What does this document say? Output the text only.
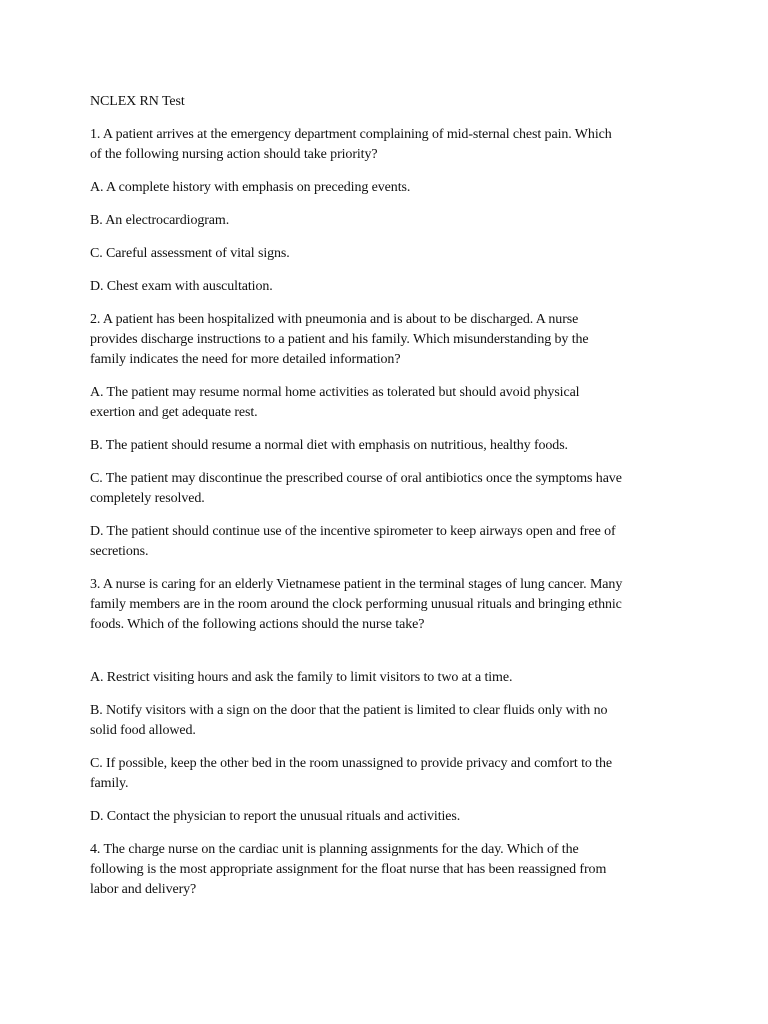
NCLEX RN Test
1. A patient arrives at the emergency department complaining of mid-sternal chest pain. Which
of the following nursing action should take priority?
A. A complete history with emphasis on preceding events.
B. An electrocardiogram.
C. Careful assessment of vital signs.
D. Chest exam with auscultation.
2. A patient has been hospitalized with pneumonia and is about to be discharged. A nurse
provides discharge instructions to a patient and his family. Which misunderstanding by the
family indicates the need for more detailed information?
A. The patient may resume normal home activities as tolerated but should avoid physical
exertion and get adequate rest.
B. The patient should resume a normal diet with emphasis on nutritious, healthy foods.
C. The patient may discontinue the prescribed course of oral antibiotics once the symptoms have
completely resolved.
D. The patient should continue use of the incentive spirometer to keep airways open and free of
secretions.
3. A nurse is caring for an elderly Vietnamese patient in the terminal stages of lung cancer. Many
family members are in the room around the clock performing unusual rituals and bringing ethnic
foods. Which of the following actions should the nurse take?
A. Restrict visiting hours and ask the family to limit visitors to two at a time.
B. Notify visitors with a sign on the door that the patient is limited to clear fluids only with no
solid food allowed.
C. If possible, keep the other bed in the room unassigned to provide privacy and comfort to the
family.
D. Contact the physician to report the unusual rituals and activities.
4. The charge nurse on the cardiac unit is planning assignments for the day. Which of the
following is the most appropriate assignment for the float nurse that has been reassigned from
labor and delivery?
